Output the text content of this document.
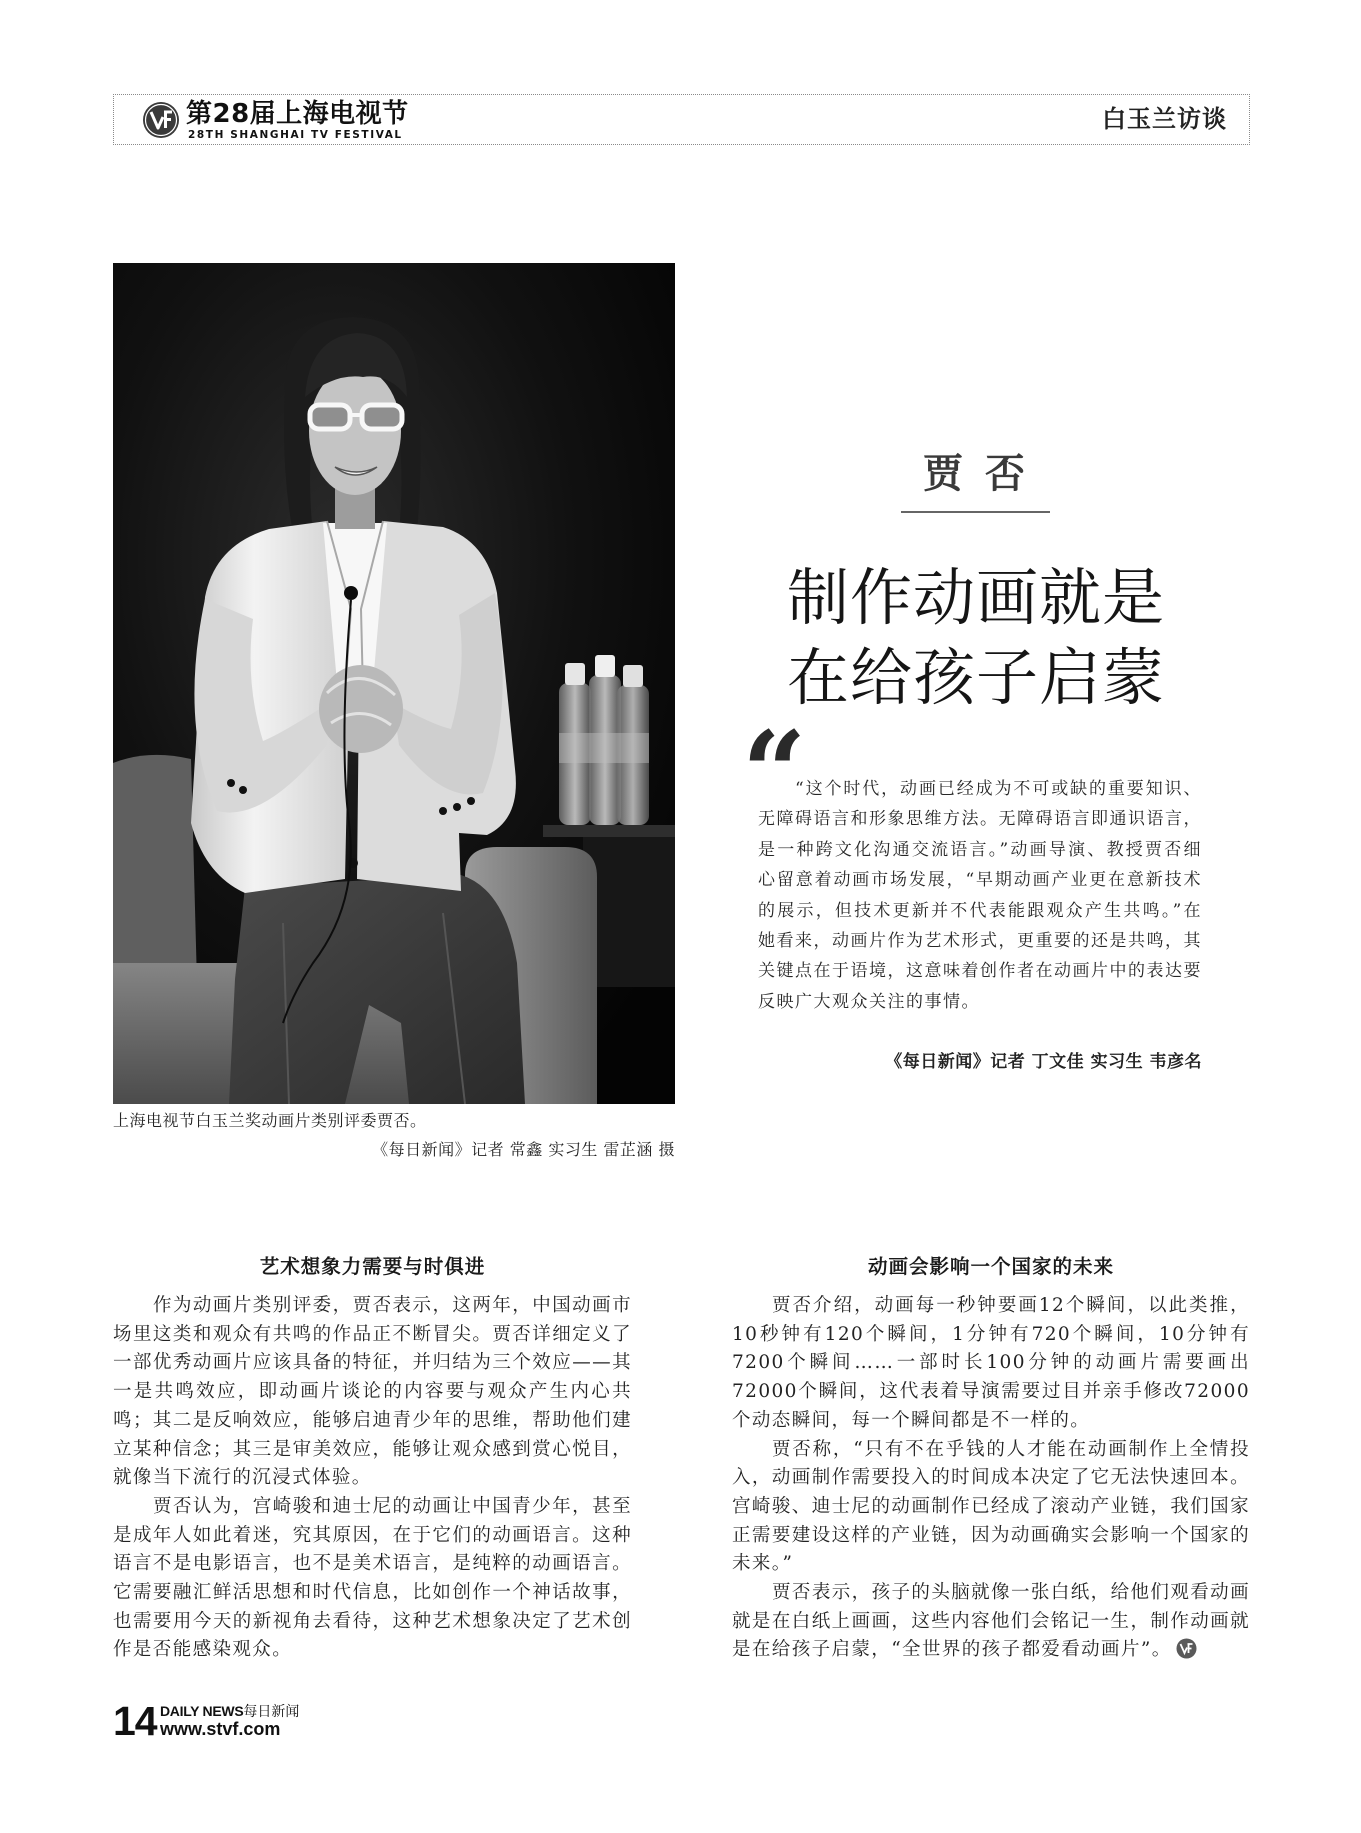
第28届上海电视节
28TH SHANGHAI TV FESTIVAL
白玉兰访谈
上海电视节白玉兰奖动画片类别评委贾否。
《每日新闻》记者 常鑫 实习生 雷芷涵 摄
贾 否
制作动画就是
在给孩子启蒙
“

“这个时代，动画已经成为不可或缺的重要知识、无障碍语言和形象思维方法。无障碍语言即通识语言，是一种跨文化沟通交流语言。”动画导演、教授贾否细心留意着动画市场发展，“早期动画产业更在意新技术的展示，但技术更新并不代表能跟观众产生共鸣。”在她看来，动画片作为艺术形式，更重要的还是共鸣，其关键点在于语境，这意味着创作者在动画片中的表达要反映广大观众关注的事情。

《每日新闻》记者 丁文佳 实习生 韦彦名
艺术想象力需要与时俱进

作为动画片类别评委，贾否表示，这两年，中国动画市场里这类和观众有共鸣的作品正不断冒尖。贾否详细定义了一部优秀动画片应该具备的特征，并归结为三个效应——其一是共鸣效应，即动画片谈论的内容要与观众产生内心共鸣；其二是反响效应，能够启迪青少年的思维，帮助他们建立某种信念；其三是审美效应，能够让观众感到赏心悦目，就像当下流行的沉浸式体验。

贾否认为，宫崎骏和迪士尼的动画让中国青少年，甚至是成年人如此着迷，究其原因，在于它们的动画语言。这种语言不是电影语言，也不是美术语言，是纯粹的动画语言。它需要融汇鲜活思想和时代信息，比如创作一个神话故事，也需要用今天的新视角去看待，这种艺术想象决定了艺术创作是否能感染观众。

动画会影响一个国家的未来

贾否介绍，动画每一秒钟要画12个瞬间，以此类推，10秒钟有120个瞬间，1分钟有720个瞬间，10分钟有7200个瞬间……一部时长100分钟的动画片需要画出72000个瞬间，这代表着导演需要过目并亲手修改72000个动态瞬间，每一个瞬间都是不一样的。

贾否称，“只有不在乎钱的人才能在动画制作上全情投入，动画制作需要投入的时间成本决定了它无法快速回本。宫崎骏、迪士尼的动画制作已经成了滚动产业链，我们国家正需要建设这样的产业链，因为动画确实会影响一个国家的未来。”

贾否表示，孩子的头脑就像一张白纸，给他们观看动画就是在白纸上画画，这些内容他们会铭记一生，制作动画就是在给孩子启蒙，“全世界的孩子都爱看动画片”。

14 DAILY NEWS每日新闻
www.stvf.com
